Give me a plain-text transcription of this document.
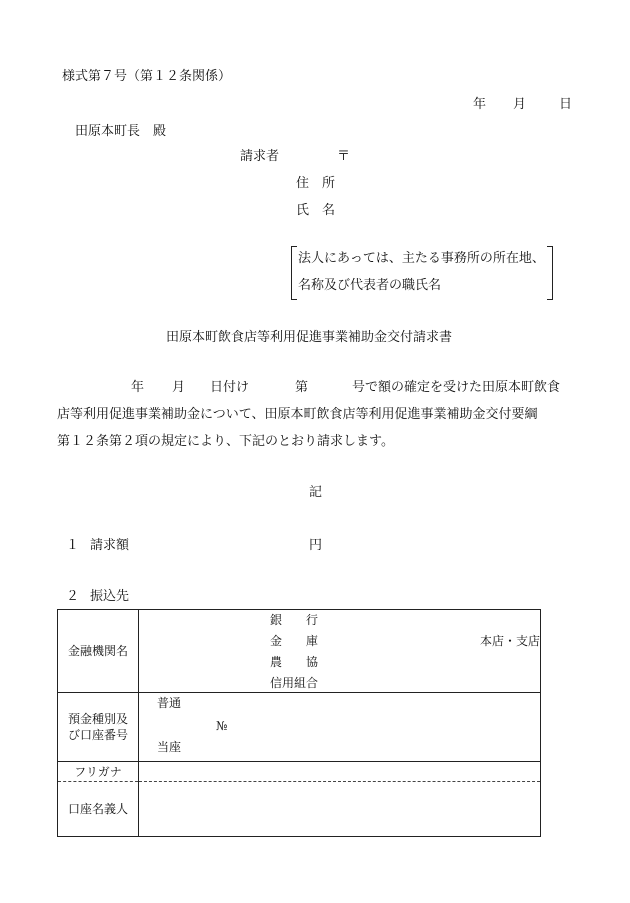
様式第７号（第１２条関係）
年 月	日
田原本町長　殿
請求者	〒
住　所
氏　名
法人にあっては、主たる事務所の所在地、
名称及び代表者の職氏名
田原本町飲食店等利用促進事業補助金交付請求書
年 月 日付け	第	号で額の確定を受けた田原本町飲食
店等利用促進事業補助金について、田原本町飲食店等利用促進事業補助金交付要綱
第１２条第２項の規定により、下記のとおり請求します。
記
１ 請求額	円
２ 振込先
金融機関名	銀　　行
金　　庫
農　　協
信用組合
本店・支店

預金種別及
び口座番号	普通
№
当座

フリガナ	
口座名義人	
